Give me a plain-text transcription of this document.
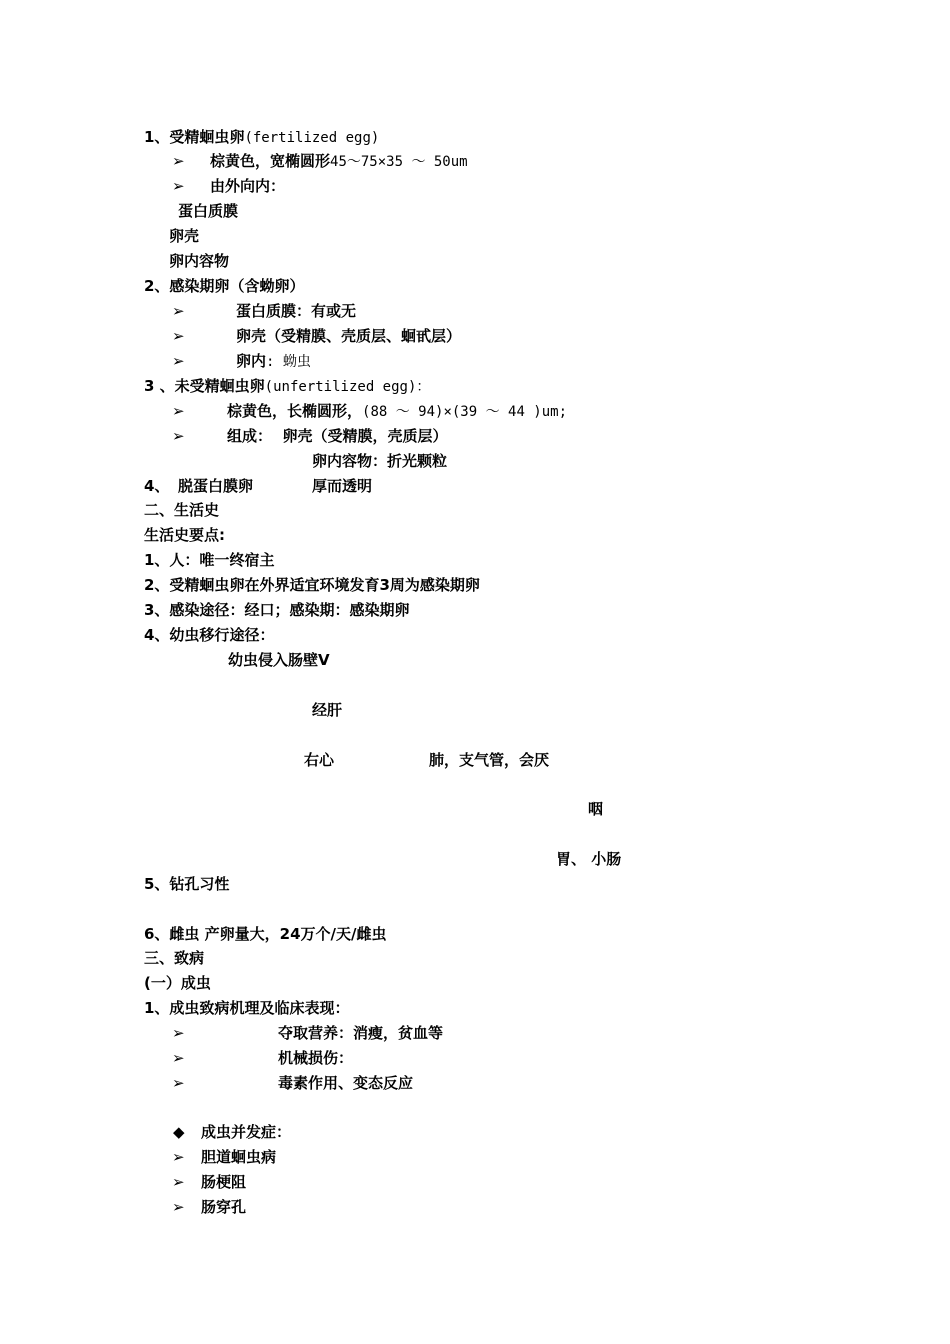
1、受精蛔虫卵(fertilized egg)
➢ 棕黄色，宽椭圆形45～75×35 ～ 50um
➢ 由外向内：
蛋白质膜
卵壳
卵内容物
2、感染期卵（含蚴卵）
➢	蛋白质膜：有或无
➢	卵壳（受精膜、壳质层、蛔甙层）
➢	卵内: 蚴虫
3 、未受精蛔虫卵(unfertilized egg)：
➢	棕黄色，长椭圆形，(88 ～ 94)×(39 ～ 44 )um;
➢	组成：  卵壳（受精膜，壳质层）
卵内容物：折光颗粒
4、 脱蛋白膜卵	厚而透明
二、生活史
生活史要点:
1、人：唯一终宿主
2、受精蛔虫卵在外界适宜环境发育3周为感染期卵
3、感染途径：经口；感染期：感染期卵
4、幼虫移行途径：
幼虫侵入肠壁Ⅴ
经肝
右心	肺，支气管，会厌
咽
胃、 小肠
5、钻孔习性
6、雌虫 产卵量大，24万个/天/雌虫
三、致病
(一）成虫
1、成虫致病机理及临床表现：
➢	夺取营养：消瘦，贫血等
➢	机械损伤：
➢	毒素作用、变态反应
◆ 成虫并发症：
➢ 胆道蛔虫病
➢ 肠梗阻
➢ 肠穿孔
